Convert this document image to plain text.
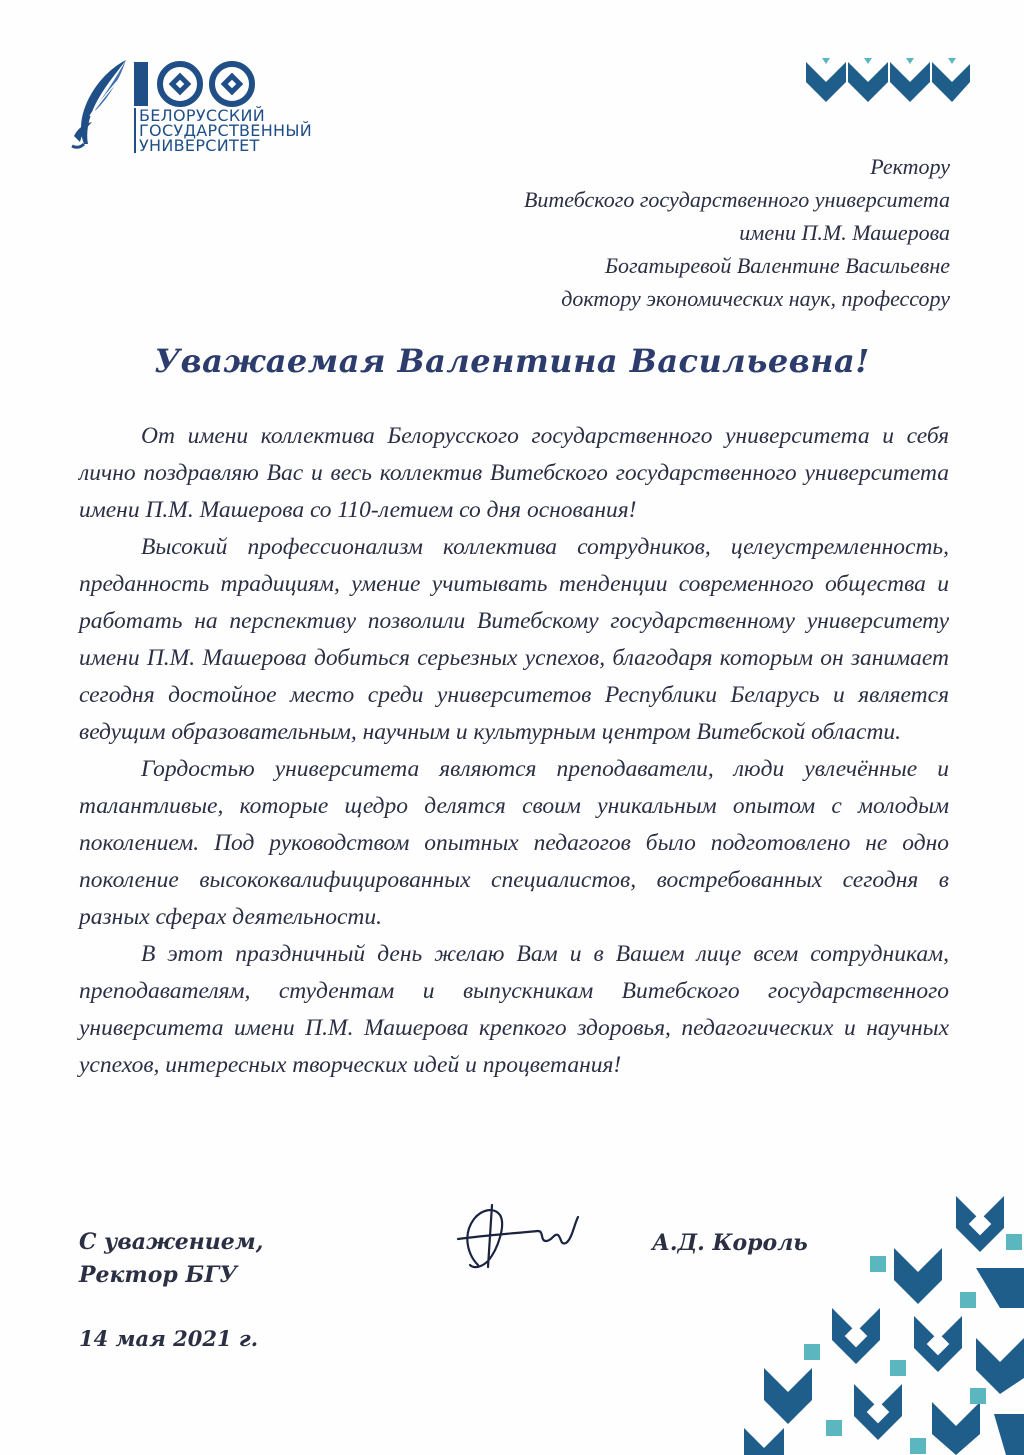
БЕЛОРУССКИЙ
ГОСУДАРСТВЕННЫЙ
УНИВЕРСИТЕТ
Ректору
Витебского государственного университета
имени П.М. Машерова
Богатыревой Валентине Васильевне
доктору экономических наук, профессору
Уважаемая Валентина Васильевна!

От имени коллектива Белорусского государственного университета и себя лично поздравляю Вас и весь коллектив Витебского государственного университета имени П.М. Машерова со 110-летием со дня основания!

Высокий профессионализм коллектива сотрудников, целеустремленность, преданность традициям, умение учитывать тенденции современного общества и работать на перспективу позволили Витебскому государственному университету имени П.М. Машерова добиться серьезных успехов, благодаря которым он занимает сегодня достойное место среди университетов Республики Беларусь и является ведущим образовательным, научным и культурным центром Витебской области.

Гордостью университета являются преподаватели, люди увлечённые и талантливые, которые щедро делятся своим уникальным опытом с молодым поколением. Под руководством опытных педагогов было подготовлено не одно поколение высококвалифицированных специалистов, востребованных сегодня в разных сферах деятельности.

В этот праздничный день желаю Вам и в Вашем лице всем сотрудникам, преподавателям, студентам и выпускникам Витебского государственного университета имени П.М. Машерова крепкого здоровья, педагогических и научных успехов, интересных творческих идей и процветания!

С уважением,
Ректор БГУ
А.Д. Король
14 мая 2021 г.
